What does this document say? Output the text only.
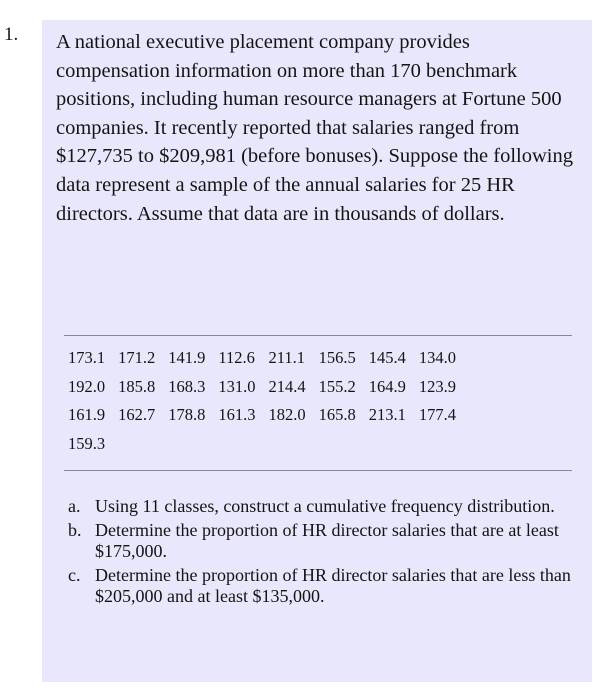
1. A national executive placement company provides compensation information on more than 170 benchmark positions, including human resource managers at Fortune 500 companies. It recently reported that salaries ranged from $127,735 to $209,981 (before bonuses). Suppose the following data represent a sample of the annual salaries for 25 HR directors. Assume that data are in thousands of dollars.
173.1	171.2	141.9	112.6	211.1	156.5	145.4	134.0
192.0	185.8	168.3	131.0	214.4	155.2	164.9	123.9
161.9	162.7	178.8	161.3	182.0	165.8	213.1	177.4
159.3							
a. Using 11 classes, construct a cumulative frequency distribution.
b. Determine the proportion of HR director salaries that are at least $175,000.
c. Determine the proportion of HR director salaries that are less than $205,000 and at least $135,000.
